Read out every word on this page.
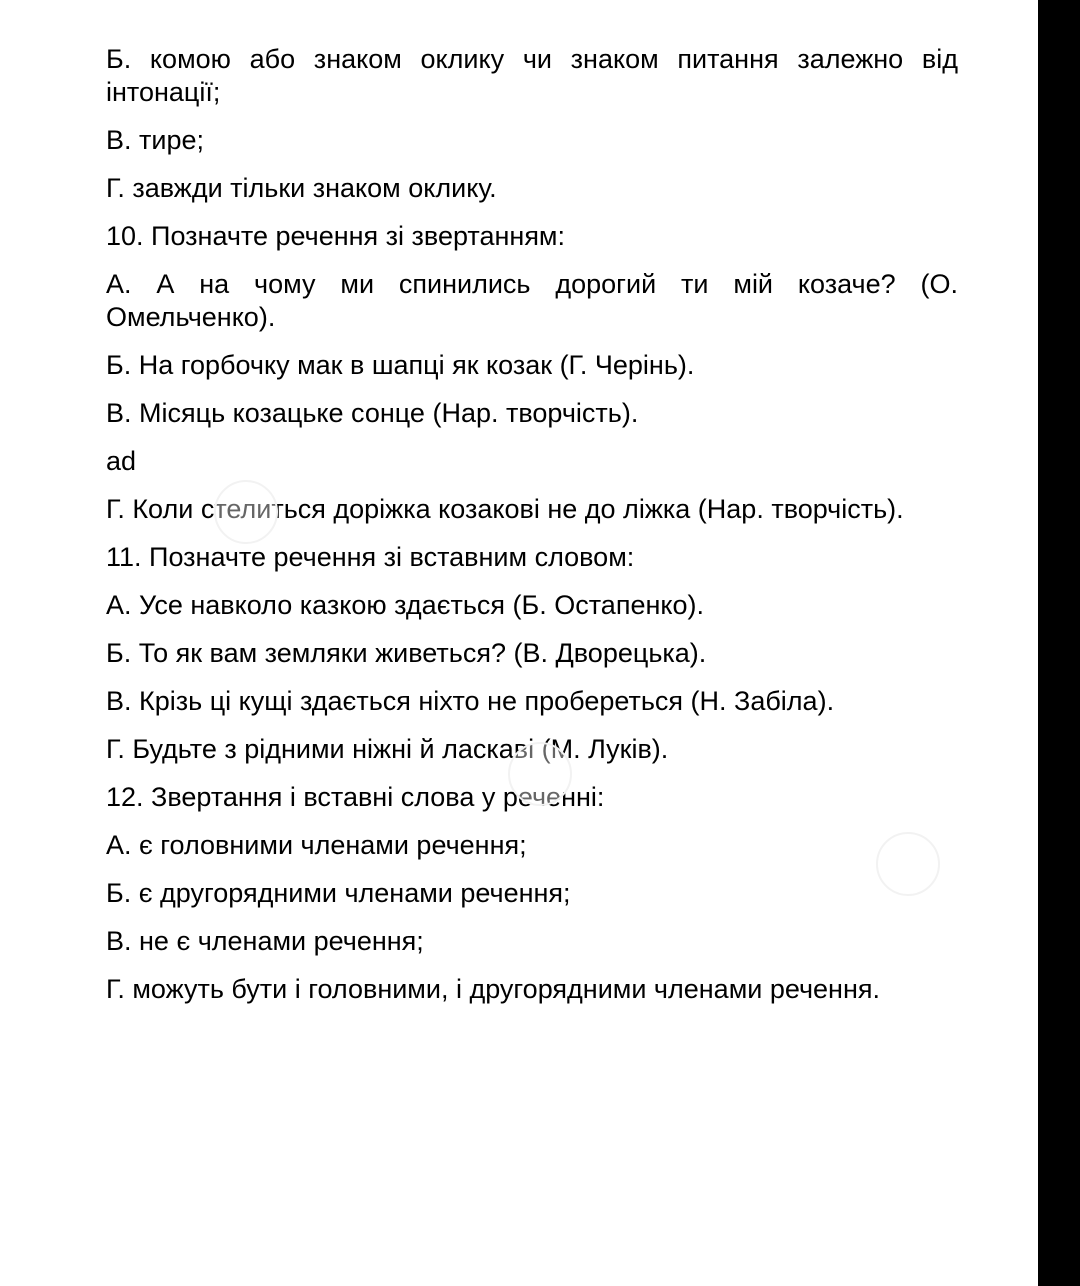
Б. комою або знаком оклику чи знаком питання залежно від інтонації;

В. тире;

Г. завжди тільки знаком оклику.

10. Позначте речення зі звертанням:

А. А на чому ми спинились дорогий ти мій козаче? (О. Омельченко).

Б. На горбочку мак в шапці як козак (Г. Черінь).

В. Місяць козацьке сонце (Нар. творчість).

ad

Г. Коли стелиться доріжка козакові не до ліжка (Нар. творчість).

11. Позначте речення зі вставним словом:

А. Усе навколо казкою здається (Б. Остапенко).

Б. То як вам земляки живеться? (В. Дворецька).

В. Крізь ці кущі здається ніхто не пробереться (Н. Забіла).

Г. Будьте з рідними ніжні й ласкаві (М. Луків).

12. Звертання і вставні слова у реченні:

А. є головними членами речення;

Б. є другорядними членами речення;

В. не є членами речення;

Г. можуть бути і головними, і другорядними членами речення.
